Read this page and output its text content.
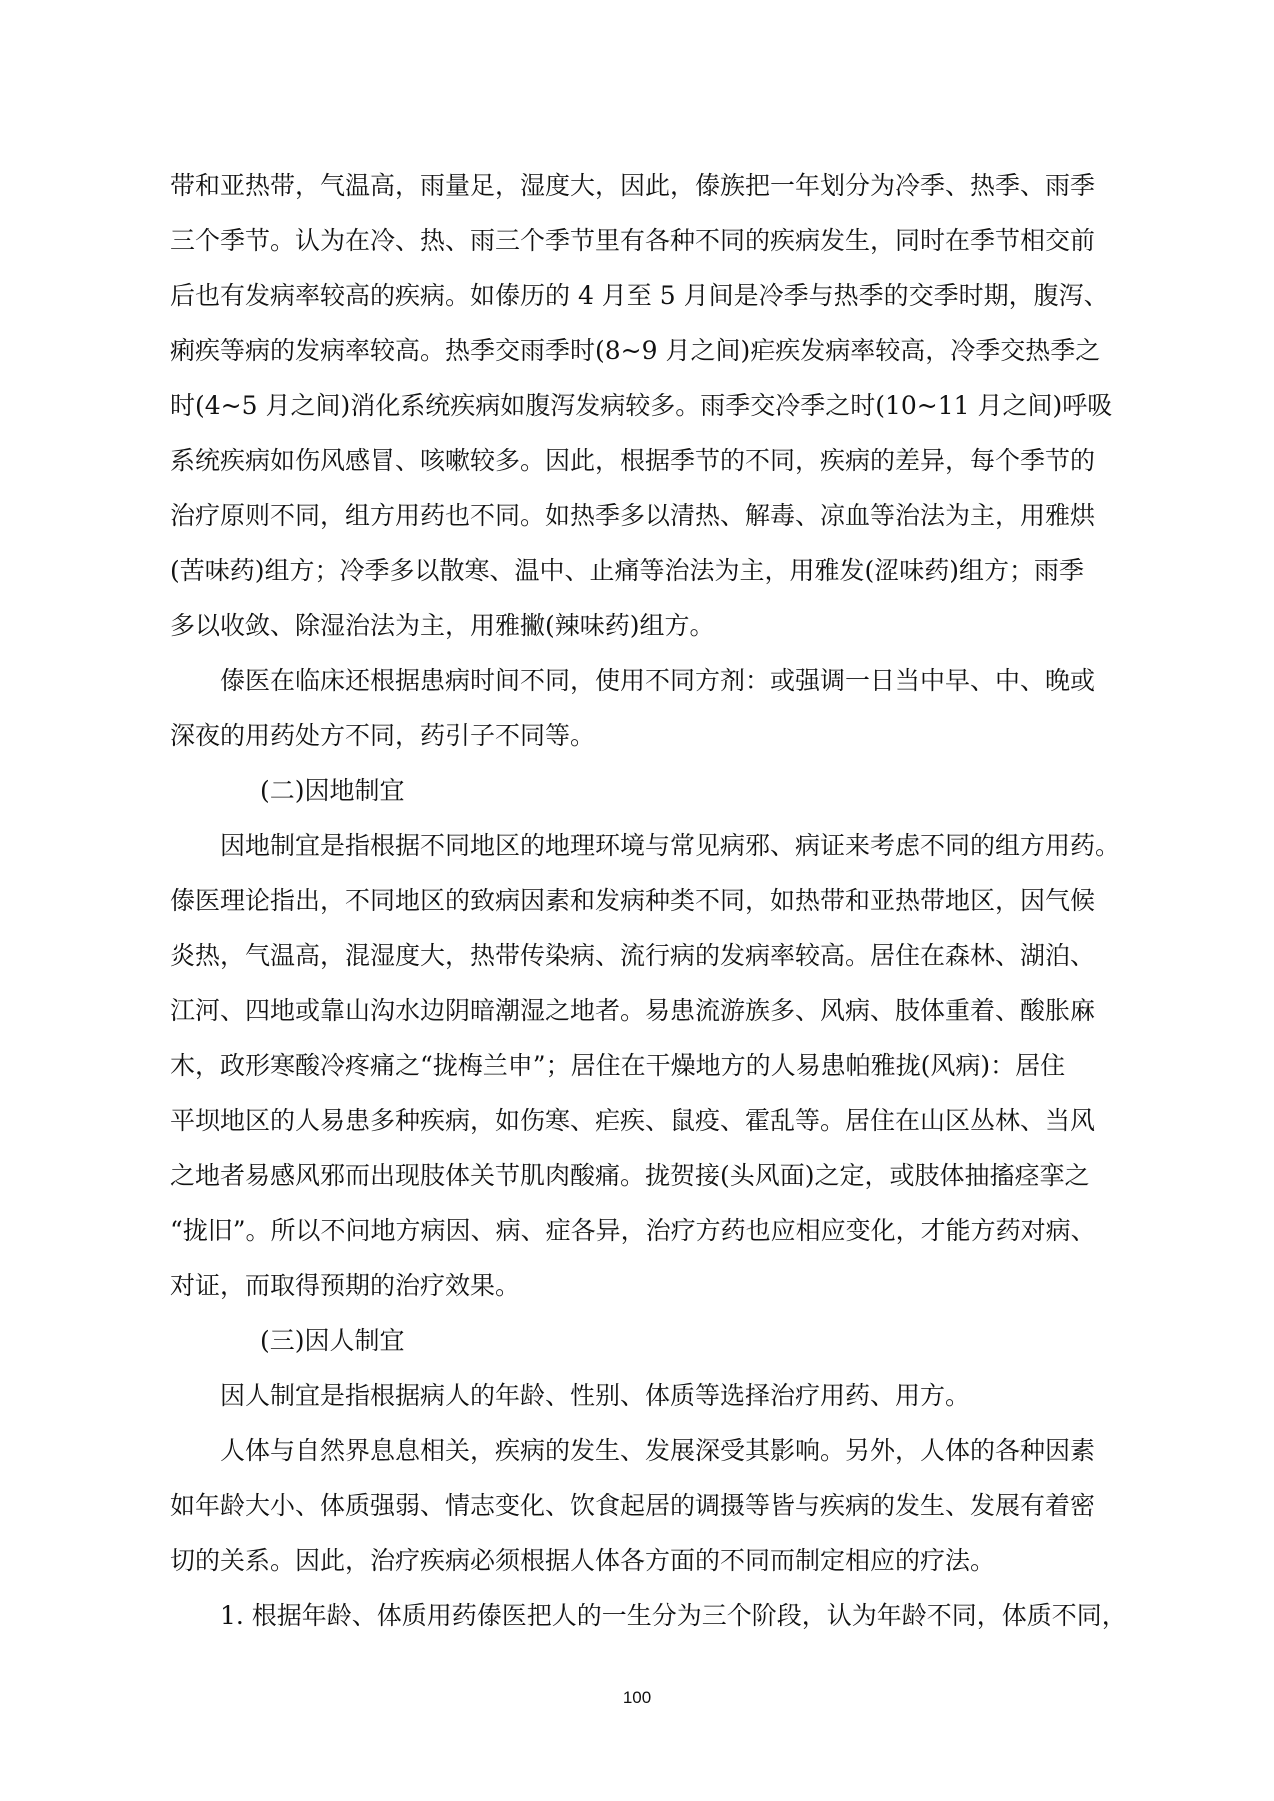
带和亚热带，气温高，雨量足，湿度大，因此，傣族把一年划分为冷季、热季、雨季
三个季节。认为在冷、热、雨三个季节里有各种不同的疾病发生，同时在季节相交前
后也有发病率较高的疾病。如傣历的 4 月至 5 月间是冷季与热季的交季时期，腹泻、
痢疾等病的发病率较高。热季交雨季时(8~9 月之间)疟疾发病率较高，冷季交热季之
时(4~5 月之间)消化系统疾病如腹泻发病较多。雨季交冷季之时(10~11 月之间)呼吸
系统疾病如伤风感冒、咳嗽较多。因此，根据季节的不同，疾病的差异，每个季节的
治疗原则不同，组方用药也不同。如热季多以清热、解毒、凉血等治法为主，用雅烘
(苦味药)组方；冷季多以散寒、温中、止痛等治法为主，用雅发(涩味药)组方；雨季
多以收敛、除湿治法为主，用雅撇(辣味药)组方。
傣医在临床还根据患病时间不同，使用不同方剂：或强调一日当中早、中、晚或
深夜的用药处方不同，药引子不同等。
(二)因地制宜
因地制宜是指根据不同地区的地理环境与常见病邪、病证来考虑不同的组方用药。
傣医理论指出，不同地区的致病因素和发病种类不同，如热带和亚热带地区，因气候
炎热，气温高，混湿度大，热带传染病、流行病的发病率较高。居住在森林、湖泊、
江河、四地或靠山沟水边阴暗潮湿之地者。易患流游族多、风病、肢体重着、酸胀麻
木，政形寒酸冷疼痛之“拢梅兰申”；居住在干燥地方的人易患帕雅拢(风病)：居住
平坝地区的人易患多种疾病，如伤寒、疟疾、鼠疫、霍乱等。居住在山区丛林、当风
之地者易感风邪而出现肢体关节肌肉酸痛。拢贺接(头风面)之定，或肢体抽搐痉挛之
“拢旧”。所以不问地方病因、病、症各异，治疗方药也应相应变化，才能方药对病、
对证，而取得预期的治疗效果。
(三)因人制宜
因人制宜是指根据病人的年龄、性别、体质等选择治疗用药、用方。
人体与自然界息息相关，疾病的发生、发展深受其影响。另外，人体的各种因素
如年龄大小、体质强弱、情志变化、饮食起居的调摄等皆与疾病的发生、发展有着密
切的关系。因此，治疗疾病必须根据人体各方面的不同而制定相应的疗法。
1. 根据年龄、体质用药傣医把人的一生分为三个阶段，认为年龄不同，体质不同，
100
